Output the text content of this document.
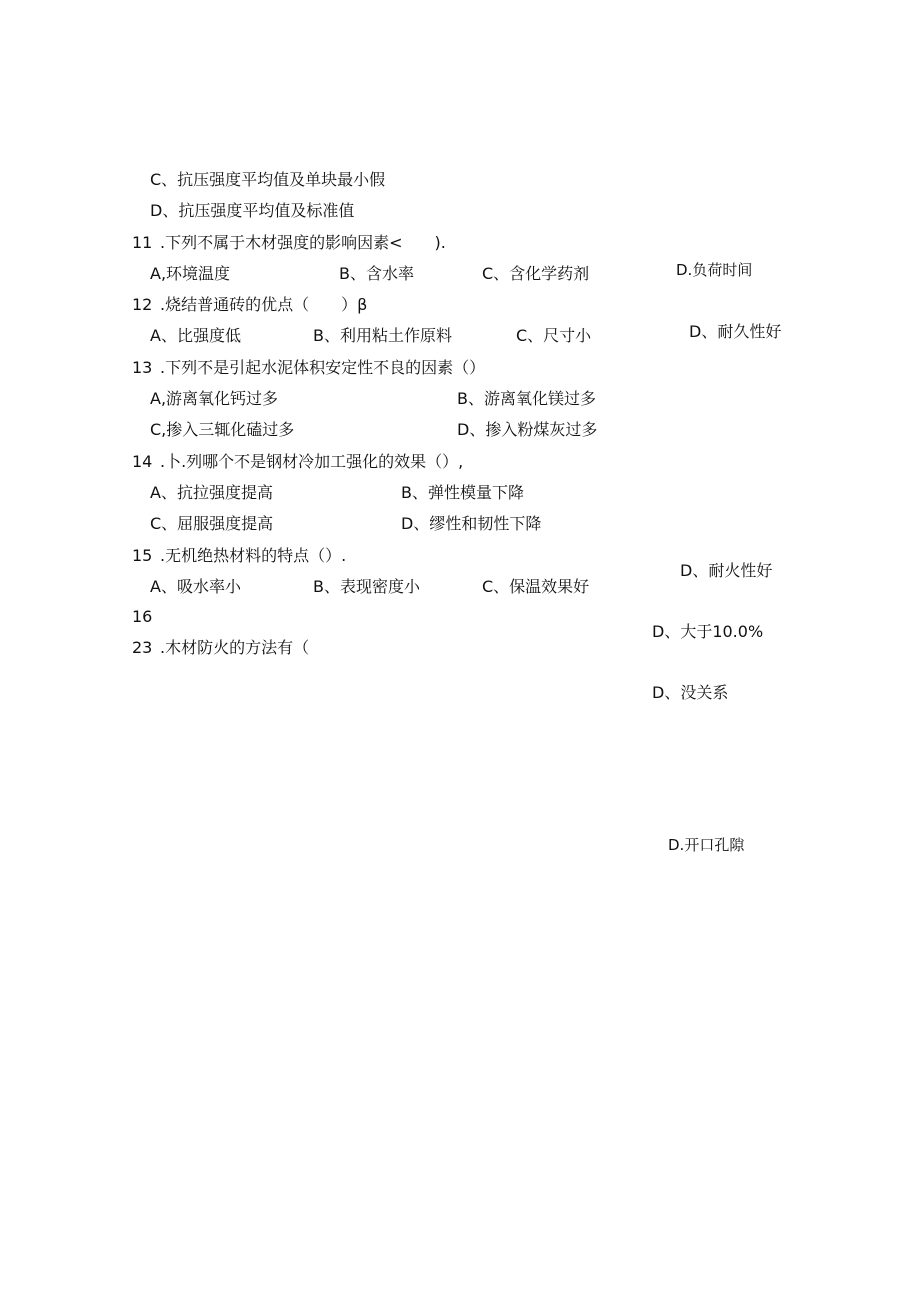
C、抗压强度平均值及单块最小假
D、抗压强度平均值及标准值
11 .下列不属于木材强度的影响因素<　　).
A,环境温度	B、含水率	C、含化学药剂	D.负荷时间
12 .烧结普通砖的优点（　　）β
A、比强度低	B、利用粘土作原料	C、尺寸小	D、耐久性好
13 .下列不是引起水泥体积安定性不良的因素（）
A,游离氧化钙过多	B、游离氧化镁过多
C,掺入三辄化磕过多	D、掺入粉煤灰过多
14 .卜.列哪个不是钢材冷加工强化的效果（）,
A、抗拉强度提高	B、弹性模量下降
C、屈服强度提高	D、缪性和韧性下降
15 .无机绝热材料的特点（）.
A、吸水率小	B、表现密度小	C、保温效果好
D、耐火性好
16
D、大于10.0%
23 .木材防火的方法有（
D、没关系
D.开口孔隙
